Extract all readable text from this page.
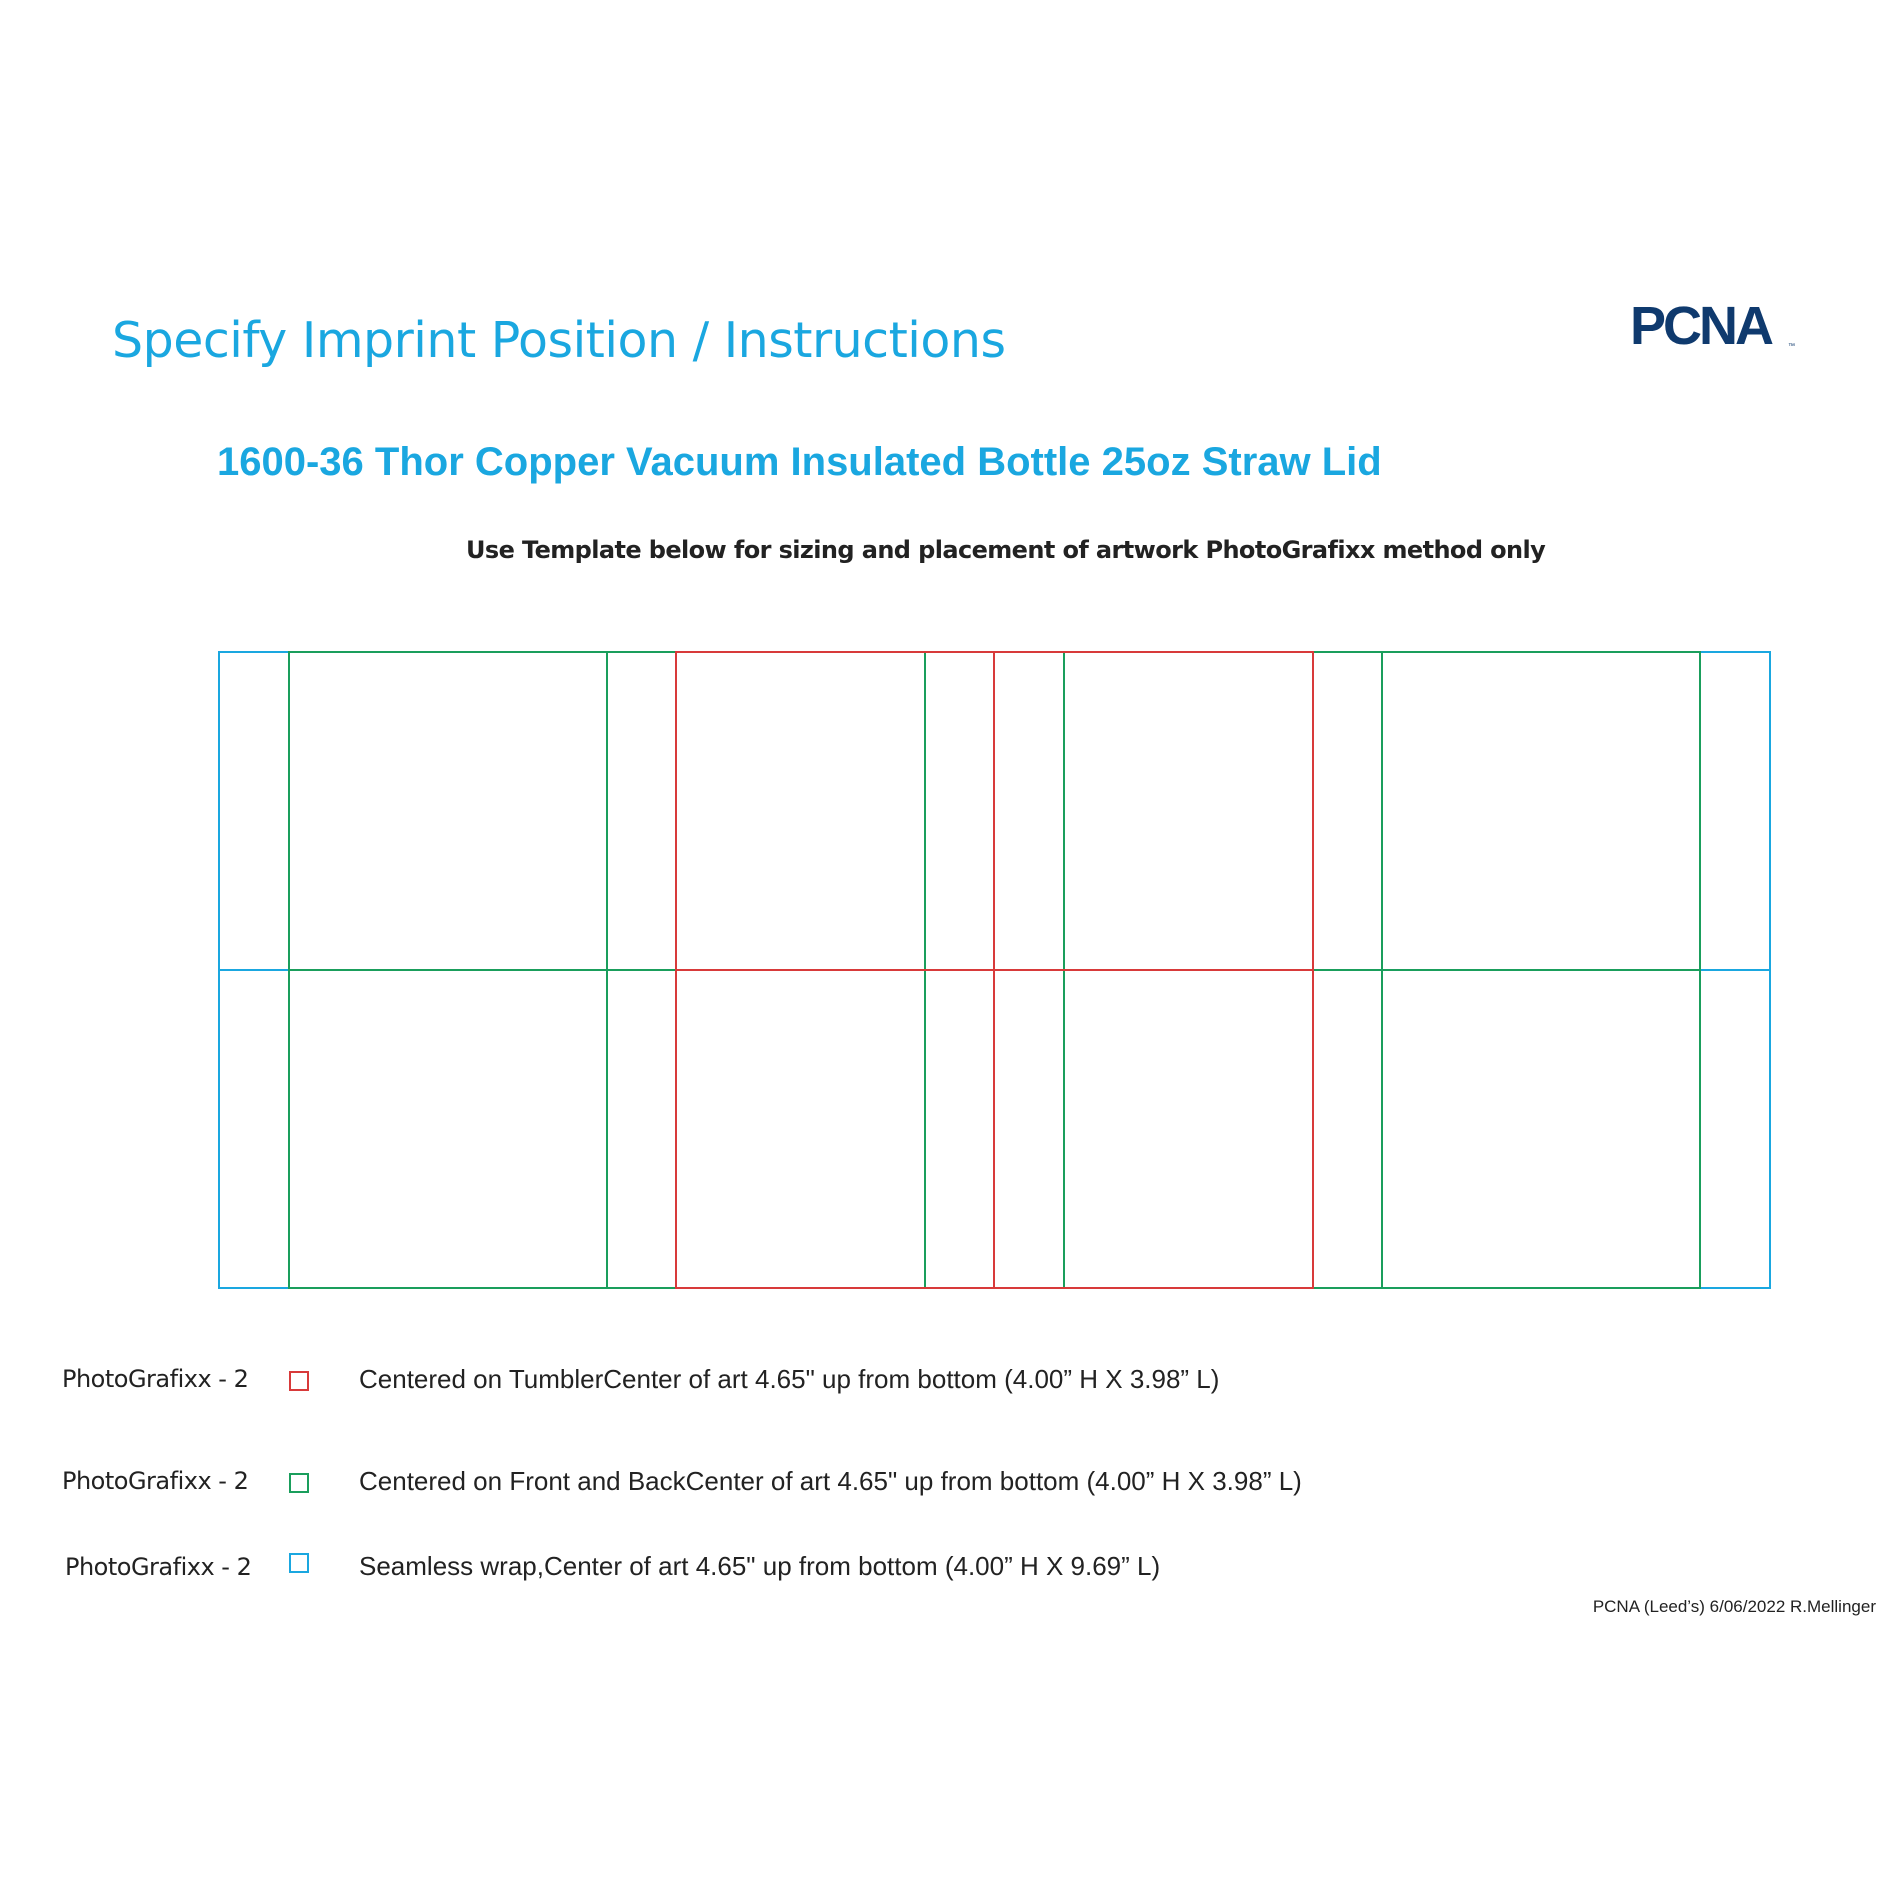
Specify Imprint Position / Instructions	PCNA ™
1600-36 Thor Copper Vacuum Insulated Bottle 25oz Straw Lid
Use Template below for sizing and placement of artwork PhotoGrafixx method only
PhotoGrafixx - 2	Centered on TumblerCenter of art 4.65" up from bottom (4.00” H X 3.98” L)
PhotoGrafixx - 2	Centered on Front and BackCenter of art 4.65" up from bottom (4.00” H X 3.98” L)
PhotoGrafixx - 2	Seamless wrap,Center of art 4.65" up from bottom (4.00” H X 9.69” L)
PCNA (Leed’s) 6/06/2022 R.Mellinger
